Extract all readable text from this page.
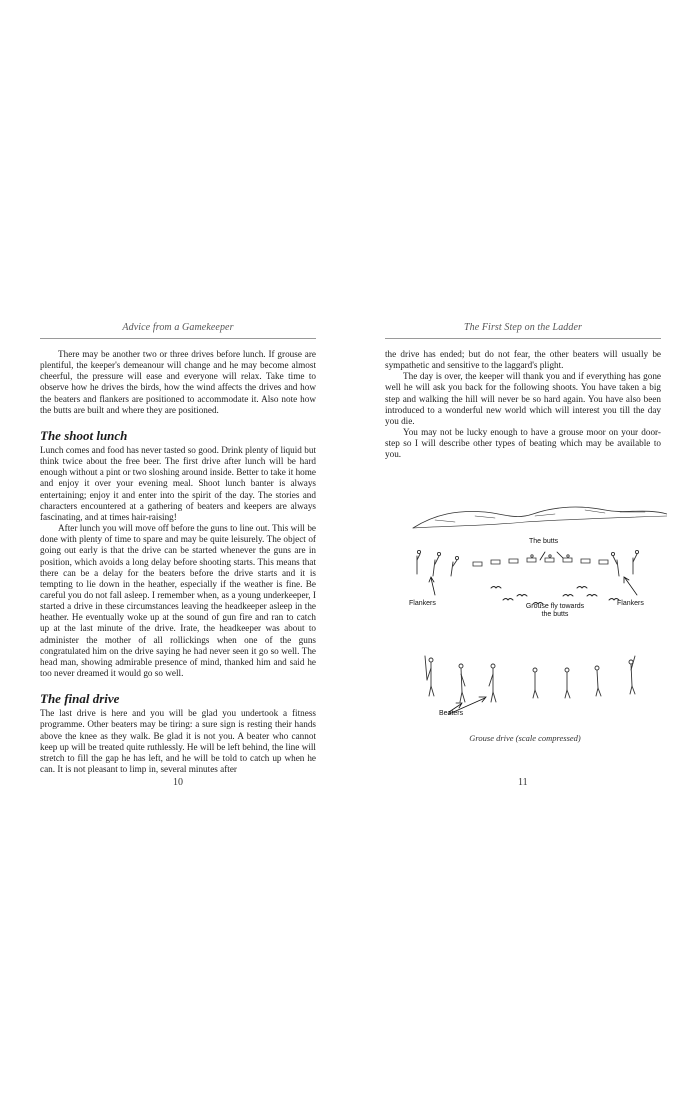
Advice from a Gamekeeper

There may be another two or three drives before lunch. If grouse are plentiful, the keeper's demeanour will change and he may become almost cheerful, the pressure will ease and everyone will relax. Take time to observe how he drives the birds, how the wind affects the drives and how the beaters and flankers are positioned to accommodate it. Also note how the butts are built and where they are positioned.

The shoot lunch

Lunch comes and food has never tasted so good. Drink plenty of liquid but think twice about the free beer. The first drive after lunch will be hard enough without a pint or two sloshing around inside. Better to take it home and enjoy it over your evening meal. Shoot lunch banter is always entertaining; enjoy it and enter into the spirit of the day. The stories and characters encountered at a gathering of beaters and keepers are always fascinating, and at times hair-raising!

After lunch you will move off before the guns to line out. This will be done with plenty of time to spare and may be quite leisurely. The object of going out early is that the drive can be started whenever the guns are in position, which avoids a long delay before shooting starts. This means that there can be a delay for the beaters before the drive starts and it is tempting to lie down in the heather, especially if the weather is fine. Be careful you do not fall asleep. I remember when, as a young underkeeper, I started a drive in these circumstances leaving the headkeeper asleep in the heather. He eventually woke up at the sound of gun fire and ran to catch up at the last minute of the drive. Irate, the headkeeper was about to administer the mother of all rollickings when one of the guns congratulated him on the drive saying he had never seen it go so well. The head man, showing admirable presence of mind, thanked him and said he too never dreamed it would go so well.

The final drive

The last drive is here and you will be glad you undertook a fitness programme. Other beaters may be tiring: a sure sign is resting their hands above the knee as they walk. Be glad it is not you. A beater who cannot keep up will be treated quite ruthlessly. He will be left behind, the line will stretch to fill the gap he has left, and he will be told to catch up when he can. It is not pleasant to limp in, several minutes after

10
The First Step on the Ladder

the drive has ended; but do not fear, the other beaters will usually be sympathetic and sensitive to the laggard's plight.

The day is over, the keeper will thank you and if everything has gone well he will ask you back for the following shoots. You have taken a big step and walking the hill will never be so hard again. You have also been introduced to a wonderful new world which will interest you till the day you die.

You may not be lucky enough to have a grouse moor on your door-step so I will describe other types of beating which may be available to you.

The butts
Flankers	Flankers
Grouse fly towards
the butts
Beaters
Grouse drive (scale compressed)
11
